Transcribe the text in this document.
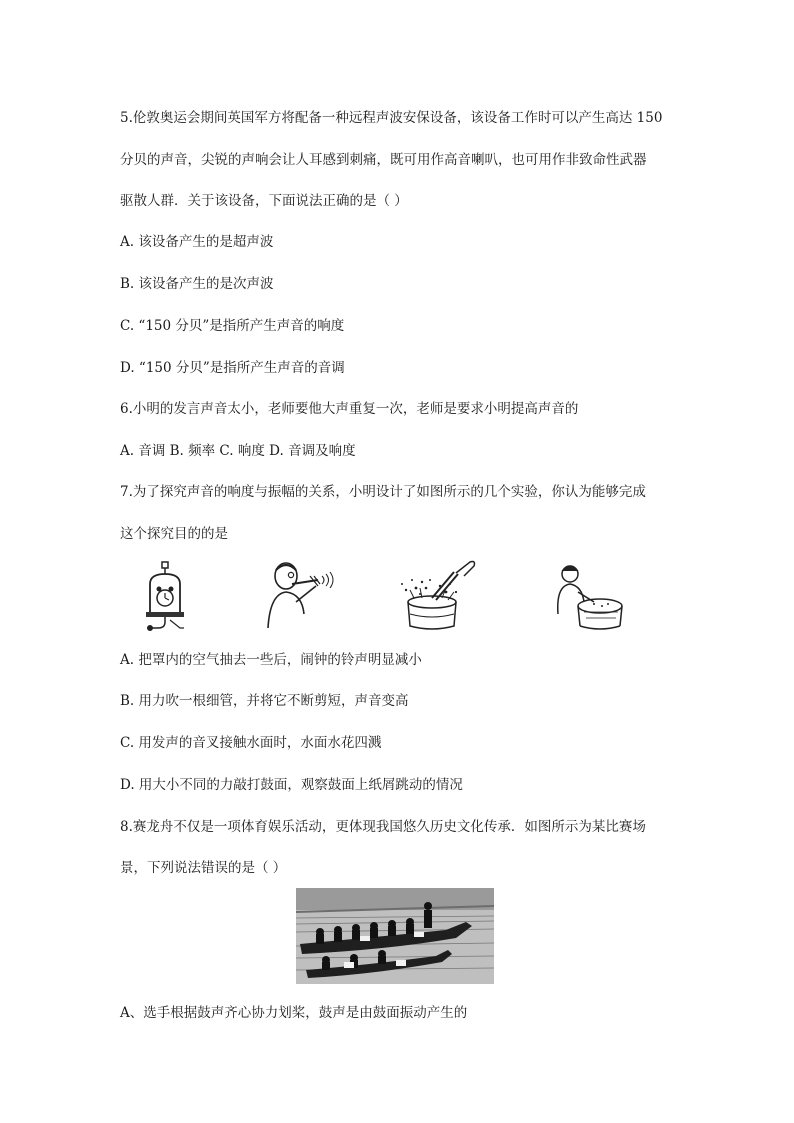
5.伦敦奥运会期间英国军方将配备一种远程声波安保设备，该设备工作时可以产生高达 150
分贝的声音，尖锐的声响会让人耳感到刺痛，既可用作高音喇叭，也可用作非致命性武器
驱散人群．关于该设备，下面说法正确的是（ ）
A. 该设备产生的是超声波
B. 该设备产生的是次声波
C. “150 分贝”是指所产生声音的响度
D. “150 分贝”是指所产生声音的音调
6.小明的发言声音太小，老师要他大声重复一次，老师是要求小明提高声音的
A. 音调 B. 频率 C. 响度 D. 音调及响度
7.为了探究声音的响度与振幅的关系，小明设计了如图所示的几个实验，你认为能够完成
这个探究目的的是
A. 把罩内的空气抽去一些后，闹钟的铃声明显减小
B. 用力吹一根细管，并将它不断剪短，声音变高
C. 用发声的音叉接触水面时，水面水花四溅
D. 用大小不同的力敲打鼓面，观察鼓面上纸屑跳动的情况
8.赛龙舟不仅是一项体育娱乐活动，更体现我国悠久历史文化传承．如图所示为某比赛场
景，下列说法错误的是（ ）
A、选手根据鼓声齐心协力划桨，鼓声是由鼓面振动产生的
